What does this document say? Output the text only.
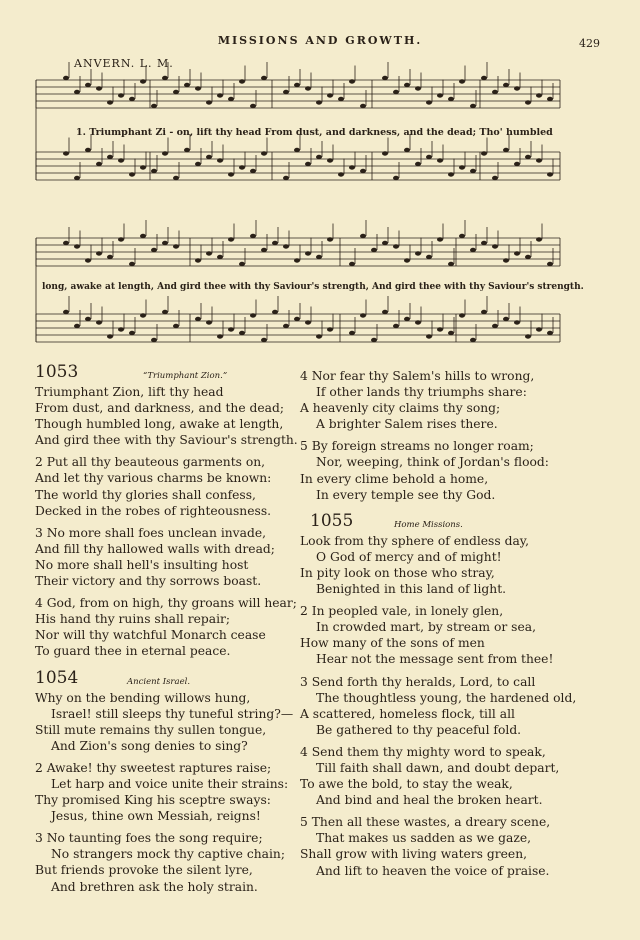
MISSIONS AND GROWTH.	429
ANVERN. L. M.
1. Triumphant Zi - on, lift thy head From dust, and darkness, and the dead; Tho' humbled
long, awake at length, And gird thee with thy Saviour's strength, And gird thee with thy Saviour's strength.
1053	“Triumphant Zion.”
Triumphant Zion, lift thy head
From dust, and darkness, and the dead;
Though humbled long, awake at length,
And gird thee with thy Saviour's strength.
2 Put all thy beauteous garments on,
And let thy various charms be known:
The world thy glories shall confess,
Decked in the robes of righteousness.
3 No more shall foes unclean invade,
And fill thy hallowed walls with dread;
No more shall hell's insulting host
Their victory and thy sorrows boast.
4 God, from on high, thy groans will hear;
His hand thy ruins shall repair;
Nor will thy watchful Monarch cease
To guard thee in eternal peace.
1054	Ancient Israel.
Why on the bending willows hung,
Israel! still sleeps thy tuneful string?—
Still mute remains thy sullen tongue,
And Zion's song denies to sing?
2 Awake! thy sweetest raptures raise;
Let harp and voice unite their strains:
Thy promised King his sceptre sways:
Jesus, thine own Messiah, reigns!
3 No taunting foes the song require;
No strangers mock thy captive chain;
But friends provoke the silent lyre,
And brethren ask the holy strain.
4 Nor fear thy Salem's hills to wrong,
If other lands thy triumphs share:
A heavenly city claims thy song;
A brighter Salem rises there.
5 By foreign streams no longer roam;
Nor, weeping, think of Jordan's flood:
In every clime behold a home,
In every temple see thy God.
1055	Home Missions.
Look from thy sphere of endless day,
O God of mercy and of might!
In pity look on those who stray,
Benighted in this land of light.
2 In peopled vale, in lonely glen,
In crowded mart, by stream or sea,
How many of the sons of men
Hear not the message sent from thee!
3 Send forth thy heralds, Lord, to call
The thoughtless young, the hardened old,
A scattered, homeless flock, till all
Be gathered to thy peaceful fold.
4 Send them thy mighty word to speak,
Till faith shall dawn, and doubt depart,
To awe the bold, to stay the weak,
And bind and heal the broken heart.
5 Then all these wastes, a dreary scene,
That makes us sadden as we gaze,
Shall grow with living waters green,
And lift to heaven the voice of praise.
